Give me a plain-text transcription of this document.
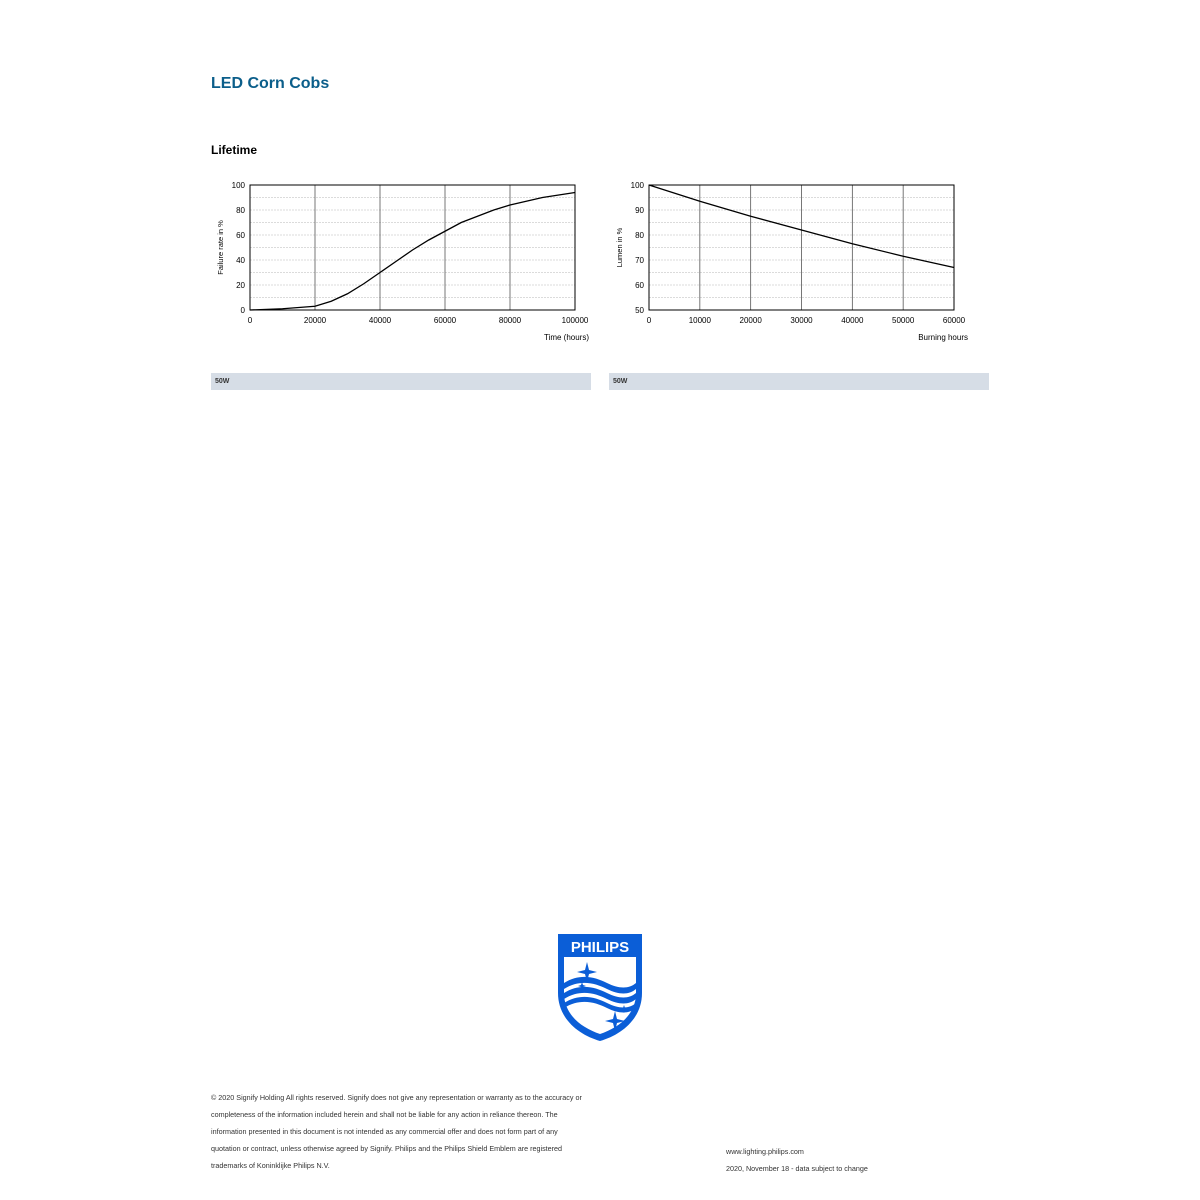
LED Corn Cobs
Lifetime
0	20000	40000	60000	80000	100000
0
20
40
60
80
100
Time (hours)
Failure rate in %
0	10000	20000	30000	40000	50000	60000
50
60
70
80
90
100
Burning hours
Lumen in %
50W	50W
PHILIPS

© 2020 Signify Holding All rights reserved. Signify does not give any representation or warranty as to the accuracy or

completeness of the information included herein and shall not be liable for any action in reliance thereon. The

information presented in this document is not intended as any commercial offer and does not form part of any

quotation or contract, unless otherwise agreed by Signify. Philips and the Philips Shield Emblem are registered

trademarks of Koninklijke Philips N.V.

www.lighting.philips.com

2020, November 18 - data subject to change
